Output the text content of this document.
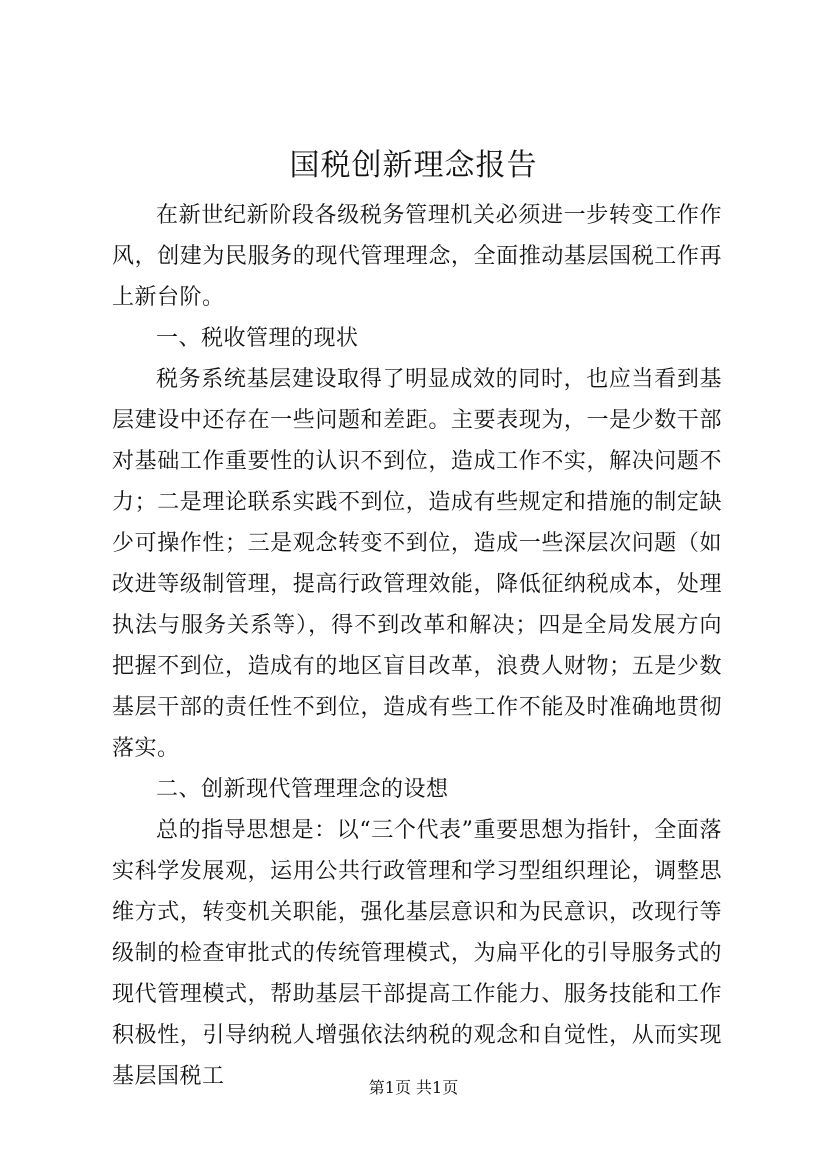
国税创新理念报告

在新世纪新阶段各级税务管理机关必须进一步转变工作作风，创建为民服务的现代管理理念，全面推动基层国税工作再上新台阶。

一、税收管理的现状

税务系统基层建设取得了明显成效的同时，也应当看到基层建设中还存在一些问题和差距。主要表现为，一是少数干部对基础工作重要性的认识不到位，造成工作不实，解决问题不力；二是理论联系实践不到位，造成有些规定和措施的制定缺少可操作性；三是观念转变不到位，造成一些深层次问题（如改进等级制管理，提高行政管理效能，降低征纳税成本，处理执法与服务关系等），得不到改革和解决；四是全局发展方向把握不到位，造成有的地区盲目改革，浪费人财物；五是少数基层干部的责任性不到位，造成有些工作不能及时准确地贯彻落实。

二、创新现代管理理念的设想

总的指导思想是：以“三个代表”重要思想为指针，全面落实科学发展观，运用公共行政管理和学习型组织理论，调整思维方式，转变机关职能，强化基层意识和为民意识，改现行等级制的检查审批式的传统管理模式，为扁平化的引导服务式的现代管理模式，帮助基层干部提高工作能力、服务技能和工作积极性，引导纳税人增强依法纳税的观念和自觉性，从而实现基层国税工	第1页 共1页
